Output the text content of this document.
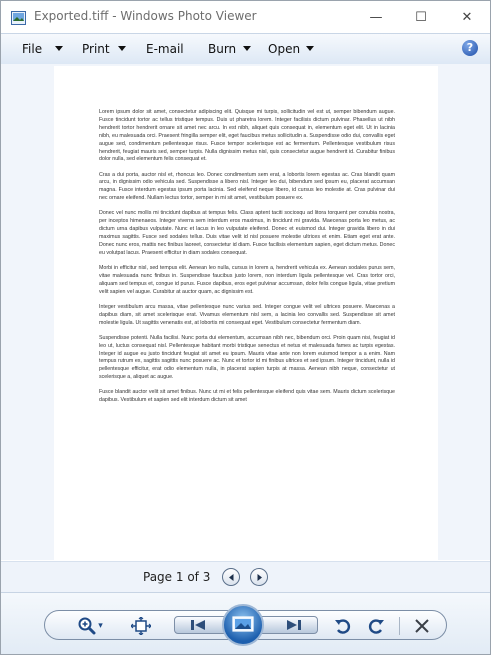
Exported.tiff - Windows Photo Viewer	—	☐	✕
File	Print	E-mail Burn	Open	?

Lorem ipsum dolor sit amet, consectetur adipiscing elit. Quisque mi turpis, sollicitudin vel est ut, semper bibendum augue. Fusce tincidunt tortor ac tellus tristique tempus. Duis ut pharetra lorem. Integer facilisis dictum pulvinar. Phasellus ut nibh hendrerit tortor hendrerit ornare sit amet nec arcu. In est nibh, aliquet quis consequat in, elementum eget elit. Ut in lacinia nibh, eu malesuada orci. Praesent fringilla semper elit, eget faucibus metus sollicitudin a. Suspendisse odio dui, convallis eget augue sed, condimentum pellentesque risus. Fusce tempor scelerisque est ac fermentum. Pellentesque vestibulum risus hendrerit, feugiat mauris sed, semper turpis. Nulla dignissim metus nisl, quis consectetur augue hendrerit id. Curabitur finibus dolor nulla, sed elementum felis consequat et.

Cras a dui porta, auctor nisl et, rhoncus leo. Donec condimentum sem erat, a lobortis lorem egestas ac. Cras blandit quam arcu, in dignissim odio vehicula sed. Suspendisse a libero nisl. Integer leo dui, bibendum sed ipsum eu, placerat accumsan magna. Fusce interdum egestas ipsum porta lacinia. Sed eleifend neque libero, id cursus leo molestie at. Cras pulvinar dui nec ornare eleifend. Nullam lectus tortor, semper in mi sit amet, vestibulum posuere ex.

Donec vel nunc mollis mi tincidunt dapibus at tempus felis. Class aptent taciti sociosqu ad litora torquent per conubia nostra, per inceptos himenaeos. Integer viverra sem interdum eros maximus, in tincidunt mi gravida. Maecenas porta leo metus, ac dictum urna dapibus vulputate. Nunc et lacus in leo vulputate eleifend. Donec et euismod dui. Integer gravida libero in dui maximus sagittis. Fusce sed sodales tellus. Duis vitae velit id nisl posuere molestie ultrices et enim. Etiam eget erat ante. Donec nunc eros, mattis nec finibus laoreet, consectetur id diam. Fusce facilisis elementum sapien, eget dictum metus. Donec eu volutpat lacus. Praesent efficitur in diam sodales consequat.

Morbi in efficitur nisl, sed tempus elit. Aenean leo nulla, cursus in lorem a, hendrerit vehicula ex. Aenean sodales purus sem, vitae malesuada nunc finibus in. Suspendisse faucibus justo lorem, non interdum ligula pellentesque vel. Cras tortor orci, aliquam sed tempus et, congue id purus. Fusce dapibus, eros eget pulvinar accumsan, dolor felis congue ligula, vitae pretium velit sapien vel augue. Curabitur at auctor quam, ac dignissim est.

Integer vestibulum arcu massa, vitae pellentesque nunc varius sed. Integer congue velit vel ultrices posuere. Maecenas a dapibus diam, sit amet scelerisque erat. Vivamus elementum nisl sem, a lacinia leo convallis sed. Suspendisse sit amet molestie ligula. Ut sagittis venenatis est, at lobortis mi consequat eget. Vestibulum consectetur fermentum diam.

Suspendisse potenti. Nulla facilisi. Nunc porta dui elementum, accumsan nibh nec, bibendum orci. Proin quam nisi, feugiat id leo ut, luctus consequat nisl. Pellentesque habitant morbi tristique senectus et netus et malesuada fames ac turpis egestas. Integer id augue eu justo tincidunt feugiat sit amet eu ipsum. Mauris vitae ante non lorem euismod tempor a a enim. Nam tempus rutrum ex, sagittis sagittis nunc posuere ac. Nunc et tortor id mi finibus ultrices et sed ipsum. Integer tincidunt, nulla id pellentesque efficitur, erat odio elementum nulla, in placerat sapien turpis at massa. Aenean nibh neque, consectetur ut scelerisque a, aliquet ac augue.

Fusce blandit auctor velit sit amet finibus. Nunc ut mi et felis pellentesque eleifend quis vitae sem. Mauris dictum scelerisque dapibus. Vestibulum et sapien sed elit interdum dictum sit amet

Page 1 of 3
▾
